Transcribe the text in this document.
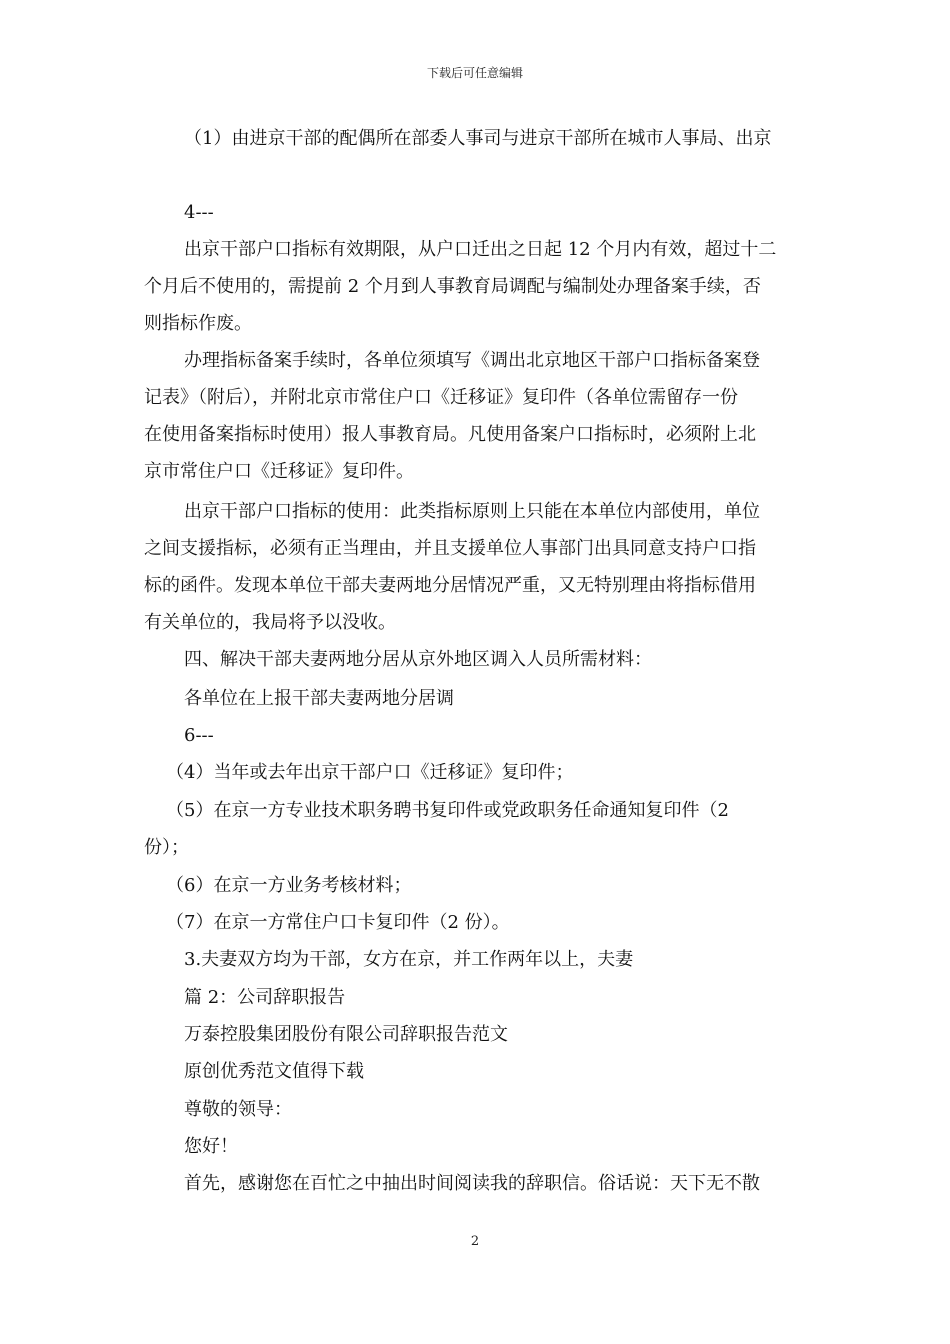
下载后可任意编辑
（1）由进京干部的配偶所在部委人事司与进京干部所在城市人事局、出京
4---
出京干部户口指标有效期限，从户口迁出之日起 12 个月内有效，超过十二
个月后不使用的，需提前 2 个月到人事教育局调配与编制处办理备案手续，否
则指标作废。
办理指标备案手续时，各单位须填写《调出北京地区干部户口指标备案登
记表》（附后），并附北京市常住户口《迁移证》复印件（各单位需留存一份
在使用备案指标时使用）报人事教育局。凡使用备案户口指标时，必须附上北
京市常住户口《迁移证》复印件。
出京干部户口指标的使用：此类指标原则上只能在本单位内部使用，单位
之间支援指标，必须有正当理由，并且支援单位人事部门出具同意支持户口指
标的函件。发现本单位干部夫妻两地分居情况严重，又无特别理由将指标借用
有关单位的，我局将予以没收。
四、解决干部夫妻两地分居从京外地区调入人员所需材料：
各单位在上报干部夫妻两地分居调
6---
（4）当年或去年出京干部户口《迁移证》复印件；
（5）在京一方专业技术职务聘书复印件或党政职务任命通知复印件（2
份）；
（6）在京一方业务考核材料；
（7）在京一方常住户口卡复印件（2 份）。
3.夫妻双方均为干部，女方在京，并工作两年以上，夫妻
篇 2：公司辞职报告
万泰控股集团股份有限公司辞职报告范文
原创优秀范文值得下载
尊敬的领导：
您好！
首先，感谢您在百忙之中抽出时间阅读我的辞职信。俗话说：天下无不散
2
